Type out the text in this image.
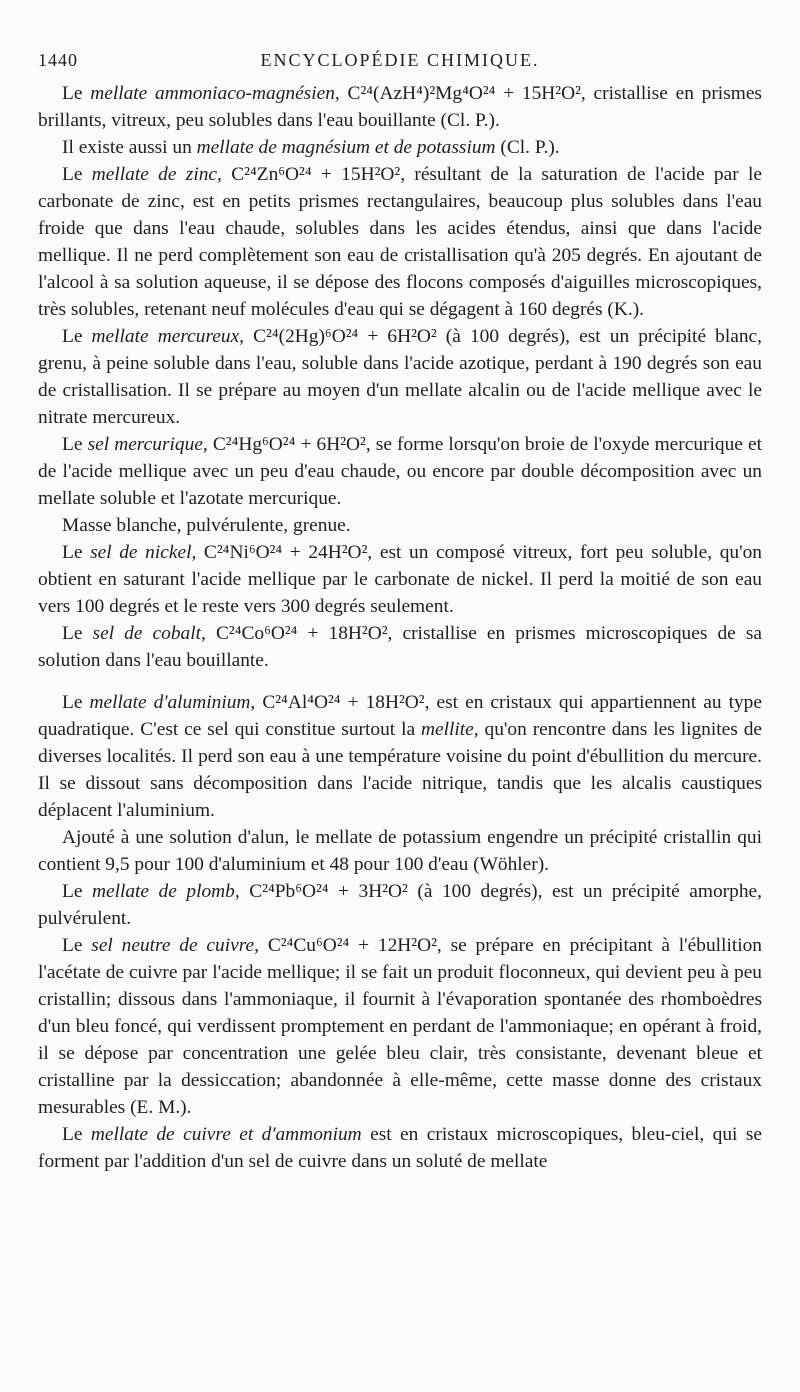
1440	ENCYCLOPÉDIE CHIMIQUE.

Le mellate ammoniaco-magnésien, C²⁴(AzH⁴)²Mg⁴O²⁴ + 15H²O², cristallise en prismes brillants, vitreux, peu solubles dans l'eau bouillante (Cl. P.).

Il existe aussi un mellate de magnésium et de potassium (Cl. P.).

Le mellate de zinc, C²⁴Zn⁶O²⁴ + 15H²O², résultant de la saturation de l'acide par le carbonate de zinc, est en petits prismes rectangulaires, beaucoup plus solubles dans l'eau froide que dans l'eau chaude, solubles dans les acides étendus, ainsi que dans l'acide mellique. Il ne perd complètement son eau de cristallisation qu'à 205 degrés. En ajoutant de l'alcool à sa solution aqueuse, il se dépose des flocons composés d'aiguilles microscopiques, très solubles, retenant neuf molécules d'eau qui se dégagent à 160 degrés (K.).

Le mellate mercureux, C²⁴(2Hg)⁶O²⁴ + 6H²O² (à 100 degrés), est un précipité blanc, grenu, à peine soluble dans l'eau, soluble dans l'acide azotique, perdant à 190 degrés son eau de cristallisation. Il se prépare au moyen d'un mellate alcalin ou de l'acide mellique avec le nitrate mercureux.

Le sel mercurique, C²⁴Hg⁶O²⁴ + 6H²O², se forme lorsqu'on broie de l'oxyde mercurique et de l'acide mellique avec un peu d'eau chaude, ou encore par double décomposition avec un mellate soluble et l'azotate mercurique.

Masse blanche, pulvérulente, grenue.

Le sel de nickel, C²⁴Ni⁶O²⁴ + 24H²O², est un composé vitreux, fort peu soluble, qu'on obtient en saturant l'acide mellique par le carbonate de nickel. Il perd la moitié de son eau vers 100 degrés et le reste vers 300 degrés seulement.

Le sel de cobalt, C²⁴Co⁶O²⁴ + 18H²O², cristallise en prismes microscopiques de sa solution dans l'eau bouillante.

Le mellate d'aluminium, C²⁴Al⁴O²⁴ + 18H²O², est en cristaux qui appartiennent au type quadratique. C'est ce sel qui constitue surtout la mellite, qu'on rencontre dans les lignites de diverses localités. Il perd son eau à une température voisine du point d'ébullition du mercure. Il se dissout sans décomposition dans l'acide nitrique, tandis que les alcalis caustiques déplacent l'aluminium.

Ajouté à une solution d'alun, le mellate de potassium engendre un précipité cristallin qui contient 9,5 pour 100 d'aluminium et 48 pour 100 d'eau (Wöhler).

Le mellate de plomb, C²⁴Pb⁶O²⁴ + 3H²O² (à 100 degrés), est un précipité amorphe, pulvérulent.

Le sel neutre de cuivre, C²⁴Cu⁶O²⁴ + 12H²O², se prépare en précipitant à l'ébullition l'acétate de cuivre par l'acide mellique; il se fait un produit floconneux, qui devient peu à peu cristallin; dissous dans l'ammoniaque, il fournit à l'évaporation spontanée des rhomboèdres d'un bleu foncé, qui verdissent promptement en perdant de l'ammoniaque; en opérant à froid, il se dépose par concentration une gelée bleu clair, très consistante, devenant bleue et cristalline par la dessiccation; abandonnée à elle-même, cette masse donne des cristaux mesurables (E. M.).

Le mellate de cuivre et d'ammonium est en cristaux microscopiques, bleu-ciel, qui se forment par l'addition d'un sel de cuivre dans un soluté de mellate
